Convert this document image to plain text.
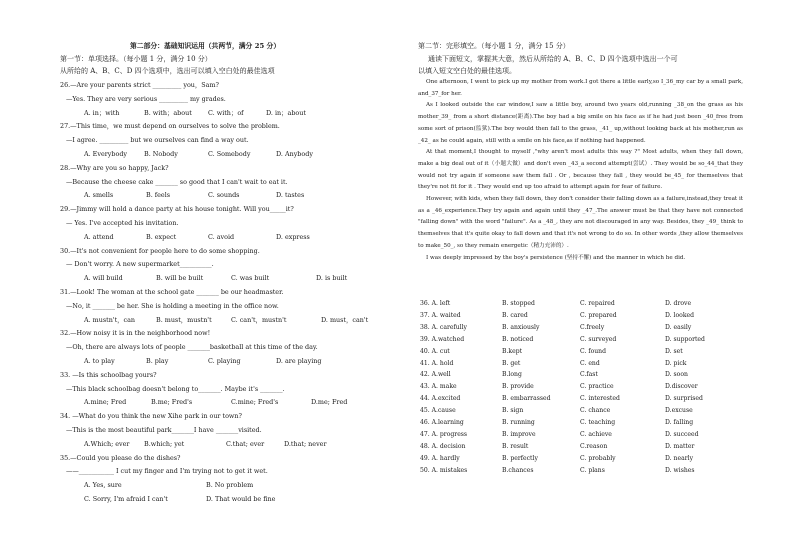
第二部分：基础知识运用（共两节，满分 25 分）
第一节：单项选择。（每小题 1 分，满分 10 分）
从所给的 A、B、C、D 四个选项中，选出可以填入空白处的最佳选项
26.—Are your parents strict _________ you，Sam?
—Yes. They are very serious _________ my grades.
A. in；with	B. with；about	C. with；of	D. in；about
27.—This time，we must depend on ourselves to solve the problem.
—I agree. _________ but we ourselves can find a way out.
A. Everybody	B. Nobody	C. Somebody	D. Anybody
28.—Why are you so happy, Jack?
—Because the cheese cake _______ so good that I can't wait to eat it.
A. smells	B. feels	C. sounds	D. tastes
29.—Jimmy will hold a dance party at his house tonight. Will you_____it?
— Yes. I've accepted his invitation.
A. attend	B. expect	C. avoid	D. express
30.—It's not convenient for people here to do some shopping.
— Don't worry. A new supermarket__________.
A. will build	B. will be built	C. was built	D. is built
31.—Look! The woman at the school gate _______ be our headmaster.
—No, it _______ be her. She is holding a meeting in the office now.
A. mustn't，can	B. must，mustn't	C. can't，mustn't	D. must，can't
32.—How noisy it is in the neighborhood now!
—Oh, there are always lots of people _______basketball at this time of the day.
A. to play	B. play	C. playing	D. are playing
33. —Is this schoolbag yours?
—This black schoolbag doesn't belong to_______. Maybe it's _______.
A.mine; Fred	B.me; Fred's	C.mine; Fred's	D.me; Fred
34. —What do you think the new Xihe park in our town?
—This is the most beautiful park_______I have _______visited.
A.Which; ever B.which; yet	C.that; ever	D.that; never
35.—Could you please do the dishes?
——___________ I cut my finger and I'm trying not to get it wet.
A. Yes, sure	B. No problem
C. Sorry, I'm afraid I can't	D. That would be fine
第二节：完形填空。（每小题 1 分，满分 15 分）
通读下面短文，掌握其大意，然后从所给的 A、B、C、D 四个选项中选出一个可
以填入短文空白处的最佳选项。

One afternoon, I went to pick up my mother from work.I got there a little early,so I_36_my car by a small park, and_37_for her.

As I looked outside the car window,I saw a little boy, around two years old,running _38_on the grass as his mother_39_ from a short distance(距离).The boy had a big smile on his face as if he had just been _40_free from some sort of prison(监狱).The boy would then fall to the grass, _41_ up,without looking back at his mother,run as _42_ as he could again, still with a smile on his face,as if nothing had happened.

At that moment,I thought to myself ,"why aren't most adults this way ?" Most adults, when they fall down, make a big deal out of it（小题大做）and don't even _43_a second attempt(尝试）. They would be so_44_that they would not try again if someone saw them fall . Or , because they fall , they would be_45_ for themselves that they're not fit for it . They would end up too afraid to attempt again for fear of failure.

However, with kids, when they fall down, they don't consider their falling down as a failure,instead,they treat it as a _46_experience.They try again and again until they _47_.The answer must be that they have not connected "falling down" with the word "failure". As a _48_, they are not discouraged in any way. Besides, they _49_ think to themselves that it's quite okay to fall down and that it's not wrong to do so. In other words ,they allow themselves to make_50_, so they remain energetic（精力充沛的）.

I was deeply impressed by the boy's persistence (坚持不懈) and the manner in which he did.

36. A. left	B. stopped	C. repaired	D. drove
37. A. waited	B. cared	C. prepared	D. looked
38. A. carefully	B. anxiously	C.freely	D. easily
39. A.watched	B. noticed	C. surveyed	D. supported
40. A. cut	B.kept	C. found	D. set
41. A. hold	B. get	C. end	D. pick
42. A.well	B.long	C.fast	D. soon
43. A. make	B. provide	C. practice	D.discover
44. A.excited	B. embarrassed	C. interested	D. surprised
45. A.cause	B. sign	C. chance	D.excuse
46. A.learning	B. running	C. teaching	D. falling
47. A. progress	B. improve	C. achieve	D. succeed
48. A. decision	B. result	C.reason	D. matter
49. A. hardly	B. perfectly	C. probably	D. nearly
50. A. mistakes	B.chances	C. plans	D. wishes
